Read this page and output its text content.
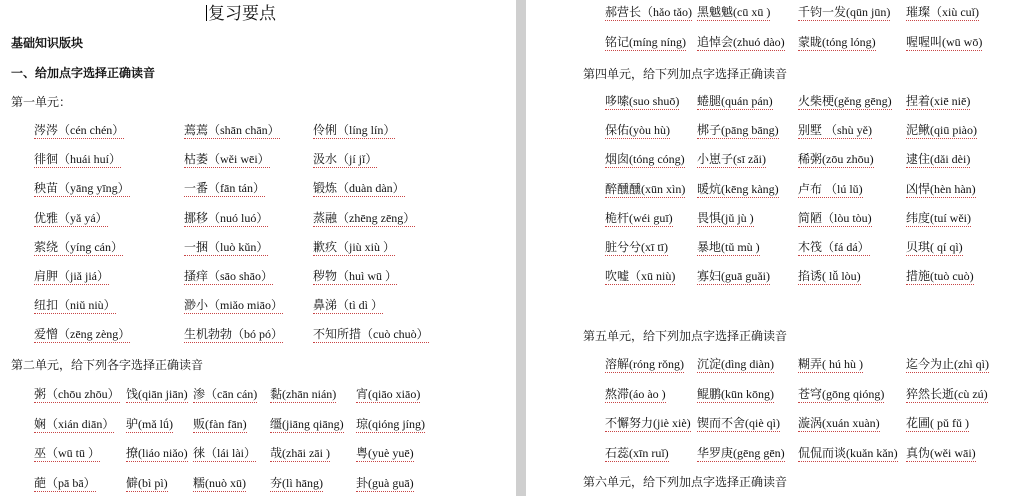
复习要点
基础知识版块
一、给加点字选择正确读音
第一单元：
涔涔（cén chén）	蔫蔫（shān chān）	伶俐（líng lín）
徘徊（huái huí）	枯萎（wěi wēi）	汲水（jí jǐ）
秧苗（yāng yīng）	一番（fān tán）	锻炼（duàn dàn）
优雅（yǎ yá）	挪移（nuó luó）	蒸融（zhēng zēng）
萦绕（yíng cán）	一捆（luò kǔn）	歉疚（jiù xiù ）
肩胛（jiǎ jiá）	搔痒（sāo shāo）	秽物（huì wū ）
纽扣（niǔ niù）	渺小（miǎo miāo）	鼻涕（tì dì ）
爱憎（zēng zèng）	生机勃勃（bó pó） 不知所措（cuò chuò）
第二单元，给下列各字选择正确读音
粥（chōu zhōu） 饯(qiān jiān) 渗（cān cán) 黏(zhān nián) 宵(qiāo xiāo)
娴（xián diān） 驴(mǎ lǘ) 贩(fàn fān) 缰(jiāng qiāng) 琼(qióng jíng)
巫（wū tū ） 撩(liáo niǎo) 徕（lái lài） 哉(zhāi zāi ) 粤(yuè yuē)
葩（pā bā）	僻(bì pì) 糯(nuò xū) 夯(lì hāng)	卦(guà guā)
郝营长（hǎo tǎo) 黑魆魆(cū xū ) 千钧一发(qūn jūn) 璀璨（xiù cuǐ)
铭记(míng níng) 追悼会(zhuó dào) 蒙眬(tóng lóng)	喔喔叫(wū wō)
第四单元，给下列加点字选择正确读音
哆嗦(suo shuō) 蜷腿(quán pán) 火柴梗(gěng gēng) 捏着(xiē niē)
保佑(yòu hù) 梆子(pāng bāng) 别墅 （shù yě)	泥鳅(qiū piào)
烟囱(tóng cóng) 小崽子(sī zǎi)	稀粥(zōu zhōu)	逮住(dǎi dèi)
醉醺醺(xūn xìn) 暖炕(kēng kàng) 卢布 （lú lǔ)	凶悍(hèn hàn)
桅杆(wéi guī) 畏惧(jǔ jù )	简陋（lòu tòu)	纬度(tuí wěi)
脏兮兮(xī tī) 暴地(tǔ mù )	木筏（fá dá）	贝琪( qí qì)
吹嘘（xū niù) 寡妇(guā guǎi) 掐诱( lǚ lòu)	措施(tuò cuò)
第五单元，给下列加点字选择正确读音
溶解(róng rǒng) 沉淀(dìng diàn) 糊弄( hú hù )	迄今为止(zhì qì)
熬滞(áo ào )	鲲鹏(kūn kōng) 苍穹(gōng qióng) 猝然长逝(cù zú)
不懈努力(jiè xiè) 锲而不舍(qiè qì) 漩涡(xuán xuàn) 花圃( pǔ fǔ )
石蕊(xīn ruǐ) 华罗庚(gēng gēn) 侃侃而谈(kuǎn kǎn) 真伪(wěi wāi)
第六单元，给下列加点字选择正确读音
